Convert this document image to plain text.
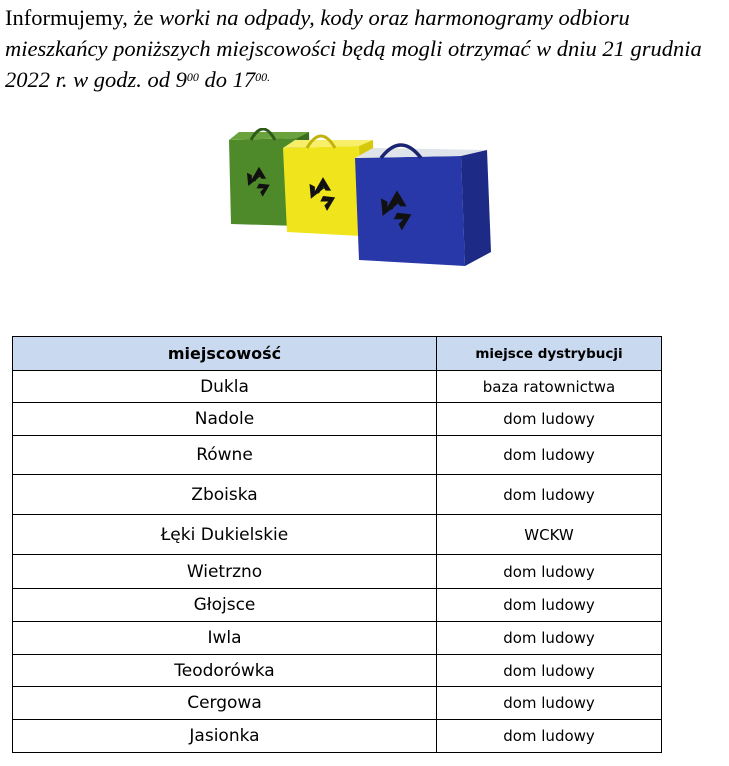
Informujemy, że worki na odpady, kody oraz harmonogramy odbioru mieszkańcy poniższych miejscowości będą mogli otrzymać w dniu 21 grudnia 2022 r. w godz. od $9^{00}$ do $17^{00.}$
miejscowość	miejsce dystrybucji
Dukla	baza ratownictwa
Nadole	dom ludowy
Równe	dom ludowy
Zboiska	dom ludowy
Łęki Dukielskie	WCKW
Wietrzno	dom ludowy
Głojsce	dom ludowy
Iwla	dom ludowy
Teodorówka	dom ludowy
Cergowa	dom ludowy
Jasionka	dom ludowy
